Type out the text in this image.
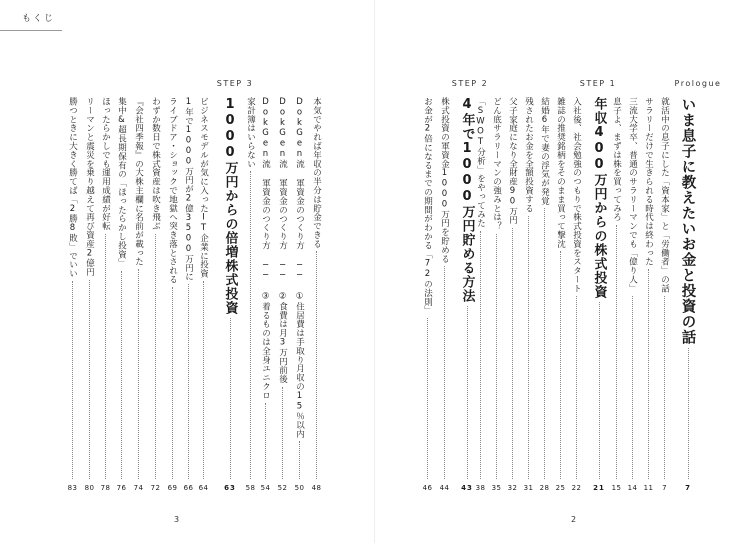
もくじ
STEP 3
本気でやれば年収の半分は貯金できる
48
DokGen流 軍資金のつくり方 ── ①住居費は手取り月収の15％以内
50
DokGen流 軍資金のつくり方 ── ②食費は月3万円前後
52
DokGen流 軍資金のつくり方 ── ③着るものは全身ユニクロ
54
家計簿はいらない
58
1000万円からの倍増株式投資
63
ビジネスモデルが気に入ったIT企業に投資
64
1年で1000万円が2億3500万円に
66
ライブドア・ショックで地獄へ突き落とされる
69
わずか数日で株式資産は吹き飛ぶ
72
『会社四季報』の大株主欄に名前が載った
74
集中&超長期保有の「ほったらかし投資」
76
ほったらかしでも運用成績が好転
78
リーマンと震災を乗り越えて再び資産2億円
80
勝つときに大きく勝てば「2勝8敗」でいい
83
3
Prologue
STEP 1
STEP 2
いま息子に教えたいお金と投資の話
7
就活中の息子にした「資本家」と「労働者」の話
7
サラリーだけで生きられる時代は終わった
11
三流大学卒、普通のサラリーマンでも「億り人」
14
息子よ、まずは株を買ってみろ
15
年収400万円からの株式投資
21
入社後、社会勉強のつもりで株式投資をスタート
22
雑誌の推奨銘柄をそのまま買って撃沈
25
結婚6年で妻の浮気が発覚
28
残されたお金を全額投資する
31
父子家庭になり全財産90万円
32
どん底サラリーマンの強みとは？
35
「SWOT分析」をやってみた
38
4年で1000万円貯める方法
43
株式投資の軍資金1000万円を貯める
44
お金が2倍になるまでの期間がわかる「72の法則」
46
2
